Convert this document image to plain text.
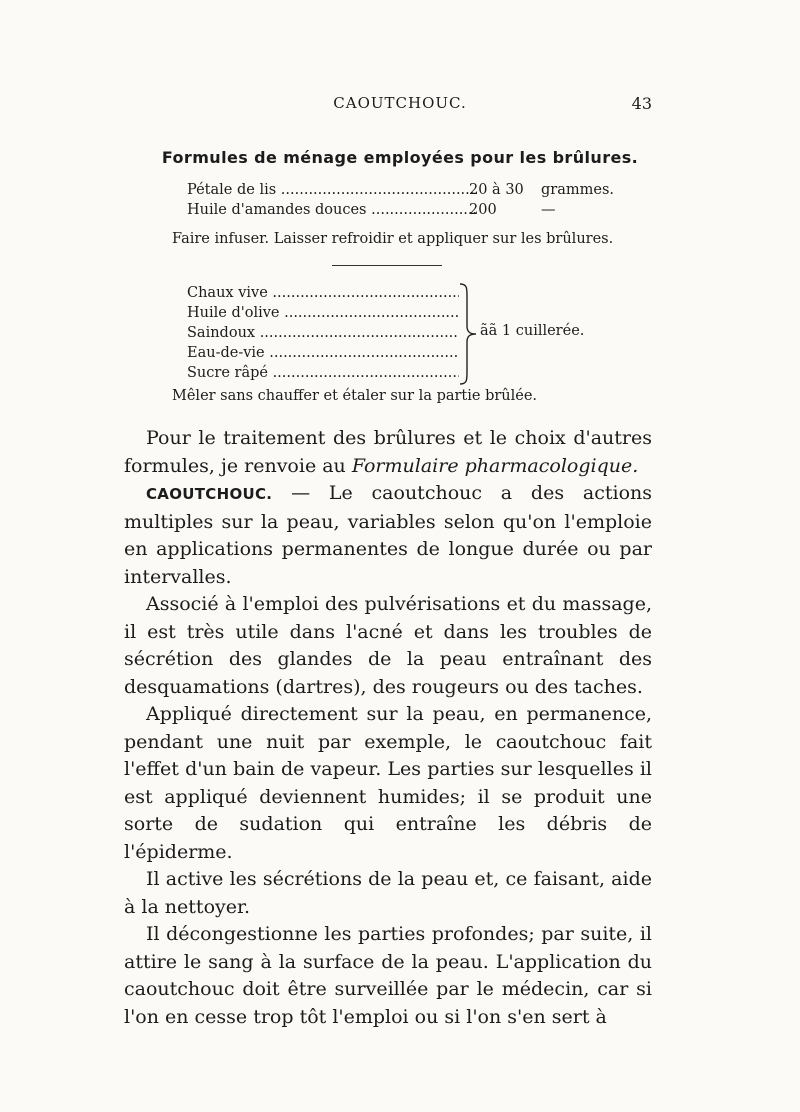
CAOUTCHOUC.	43
Formules de ménage employées pour les brûlures.
Pétale de lis .....	20 à 30 grammes.
Huile d'amandes douces .....	200	—
Faire infuser. Laisser refroidir et appliquer sur les brûlures.
Chaux vive .....
Huile d'olive .....
Saindoux .....
Eau-de-vie .....
Sucre râpé .....
ãã 1 cuillerée.
Mêler sans chauffer et étaler sur la partie brûlée.

Pour le traitement des brûlures et le choix d'autres formules, je renvoie au Formulaire pharmacologique.

CAOUTCHOUC. — Le caoutchouc a des actions multiples sur la peau, variables selon qu'on l'emploie en applications permanentes de longue durée ou par intervalles.

Associé à l'emploi des pulvérisations et du massage, il est très utile dans l'acné et dans les troubles de sécrétion des glandes de la peau entraînant des desquamations (dartres), des rougeurs ou des taches.

Appliqué directement sur la peau, en permanence, pendant une nuit par exemple, le caoutchouc fait l'effet d'un bain de vapeur. Les parties sur lesquelles il est appliqué deviennent humides; il se produit une sorte de sudation qui entraîne les débris de l'épiderme.

Il active les sécrétions de la peau et, ce faisant, aide à la nettoyer.

Il décongestionne les parties profondes; par suite, il attire le sang à la surface de la peau. L'application du caoutchouc doit être surveillée par le médecin, car si l'on en cesse trop tôt l'emploi ou si l'on s'en sert à
